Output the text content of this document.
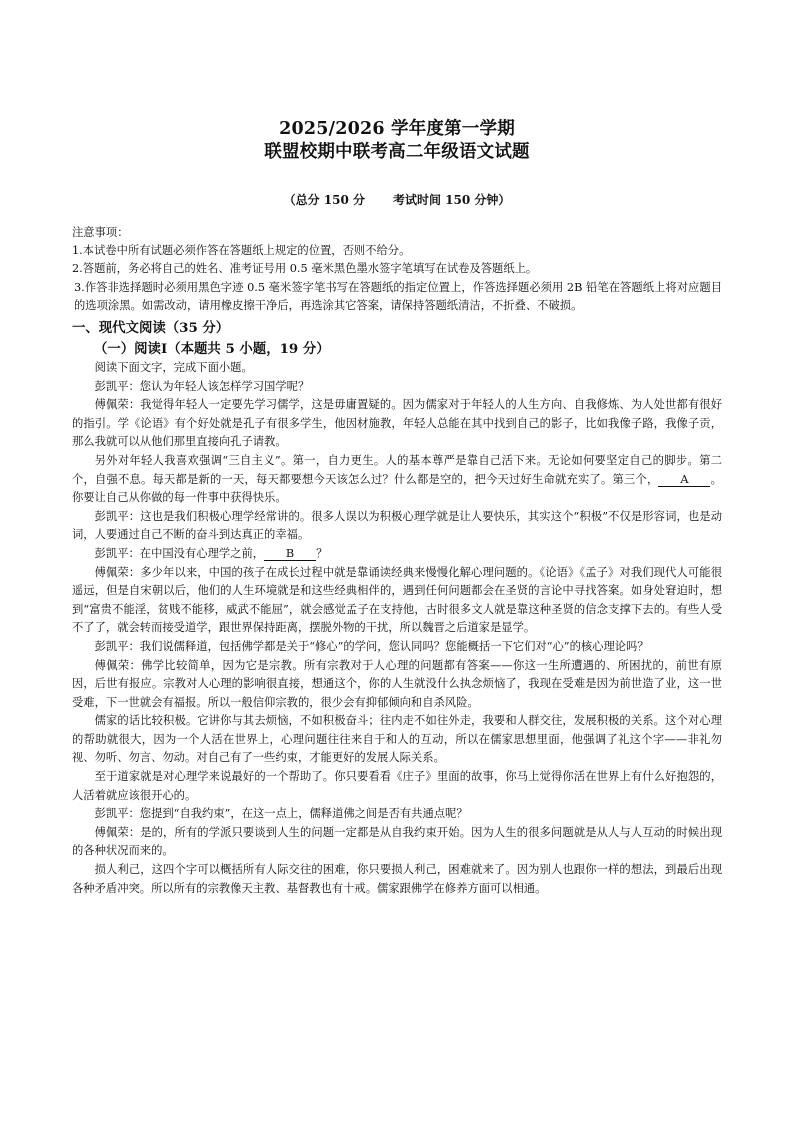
2025/2026 学年度第一学期
联盟校期中联考高二年级语文试题
（总分 150 分 考试时间 150 分钟）

注意事项：

1.本试卷中所有试题必须作答在答题纸上规定的位置，否则不给分。

2.答题前，务必将自己的姓名、准考证号用 0.5 毫米黑色墨水签字笔填写在试卷及答题纸上。

3.作答非选择题时必须用黑色字迹 0.5 毫米签字笔书写在答题纸的指定位置上，作答选择题必须用 2B 铅笔在答题纸上将对应题目的选项涂黑。如需改动，请用橡皮擦干净后，再选涂其它答案，请保持答题纸清洁，不折叠、不破损。

一、现代文阅读（35 分）
（一）阅读Ⅰ（本题共 5 小题，19 分）

阅读下面文字，完成下面小题。

彭凯平：您认为年轻人该怎样学习国学呢？

傅佩荣：我觉得年轻人一定要先学习儒学，这是毋庸置疑的。因为儒家对于年轻人的人生方向、自我修炼、为人处世都有很好的指引。学《论语》有个好处就是孔子有很多学生，他因材施教，年轻人总能在其中找到自己的影子，比如我像子路，我像子贡，那么我就可以从他们那里直接向孔子请教。

另外对年轻人我喜欢强调“三自主义”。第一，自力更生。人的基本尊严是靠自己活下来。无论如何要坚定自己的脚步。第二个，自强不息。每天都是新的一天，每天都要想今天该怎么过？什么都是空的，把今天过好生命就充实了。第三个， A 。你要让自己从你做的每一件事中获得快乐。

彭凯平：这也是我们积极心理学经常讲的。很多人误以为积极心理学就是让人要快乐，其实这个“积极”不仅是形容词，也是动词，人要通过自己不断的奋斗到达真正的幸福。

彭凯平：在中国没有心理学之前， B ？

傅佩荣：多少年以来，中国的孩子在成长过程中就是靠诵读经典来慢慢化解心理问题的。《论语》《孟子》对我们现代人可能很遥远，但是自宋朝以后，他们的人生环境就是和这些经典相伴的，遇到任何问题都会在圣贤的言论中寻找答案。如身处窘迫时，想到“富贵不能淫，贫贱不能移，威武不能屈”，就会感觉孟子在支持他，古时很多文人就是靠这种圣贤的信念支撑下去的。有些人受不了了，就会转而接受道学，跟世界保持距离，摆脱外物的干扰，所以魏晋之后道家是显学。

彭凯平：我们说儒释道，包括佛学都是关于“修心”的学问，您认同吗？您能概括一下它们对“心”的核心理论吗？

傅佩荣：佛学比较简单，因为它是宗教。所有宗教对于人心理的问题都有答案——你这一生所遭遇的、所困扰的，前世有原因，后世有报应。宗教对人心理的影响很直接，想通这个，你的人生就没什么执念烦恼了，我现在受难是因为前世造了业，这一世受难，下一世就会有福报。所以一般信仰宗教的，很少会有抑郁倾向和自杀风险。

儒家的话比较积极。它讲你与其去烦恼，不如积极奋斗；往内走不如往外走，我要和人群交往，发展积极的关系。这个对心理的帮助就很大，因为一个人活在世界上，心理问题往往来自于和人的互动，所以在儒家思想里面，他强调了礼这个字——非礼勿视、勿听、勿言、勿动。对自己有了一些约束，才能更好的发展人际关系。

至于道家就是对心理学来说最好的一个帮助了。你只要看看《庄子》里面的故事，你马上觉得你活在世界上有什么好抱怨的，人活着就应该很开心的。

彭凯平：您提到“自我约束”，在这一点上，儒释道佛之间是否有共通点呢？

傅佩荣：是的，所有的学派只要谈到人生的问题一定都是从自我约束开始。因为人生的很多问题就是从人与人互动的时候出现的各种状况而来的。

损人利己，这四个字可以概括所有人际交往的困难，你只要损人利己，困难就来了。因为别人也跟你一样的想法，到最后出现各种矛盾冲突。所以所有的宗教像天主教、基督教也有十戒。儒家跟佛学在修养方面可以相通。
